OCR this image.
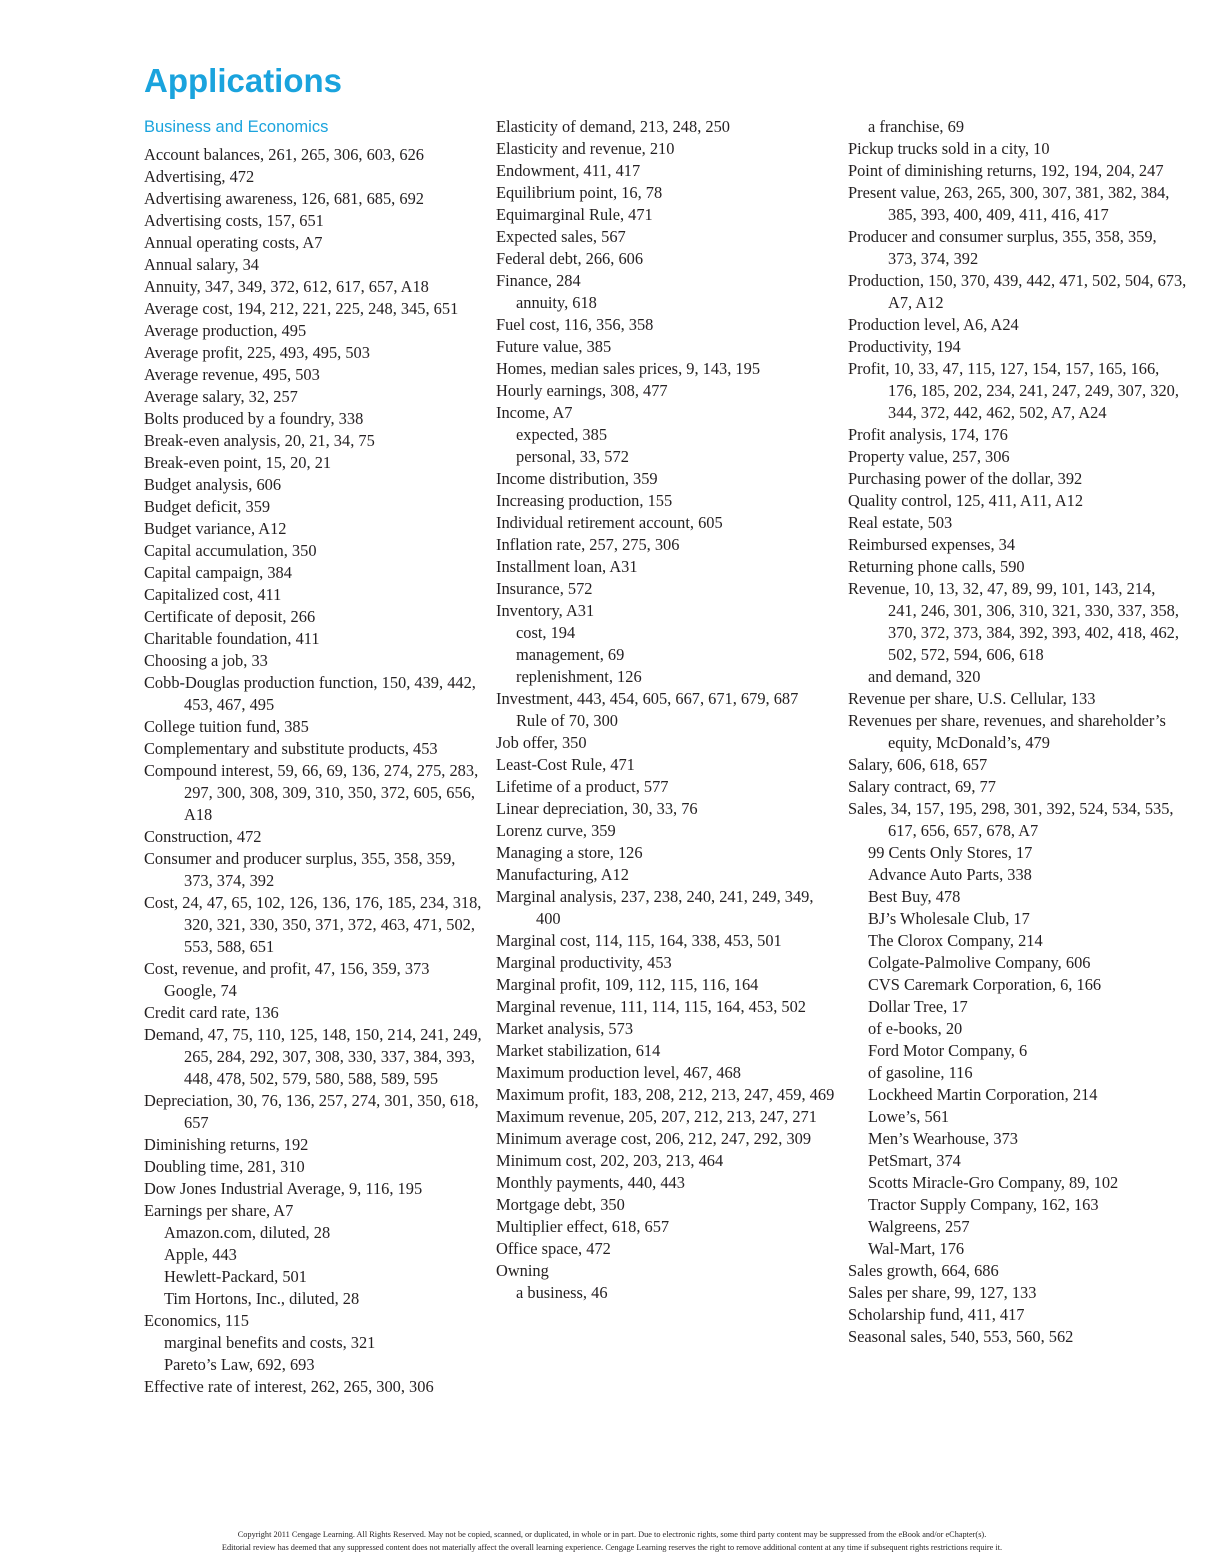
Applications
Business and Economics
Account balances, 261, 265, 306, 603, 626
Advertising, 472
Advertising awareness, 126, 681, 685, 692
Advertising costs, 157, 651
Annual operating costs, A7
Annual salary, 34
Annuity, 347, 349, 372, 612, 617, 657, A18
Average cost, 194, 212, 221, 225, 248, 345, 651
Average production, 495
Average profit, 225, 493, 495, 503
Average revenue, 495, 503
Average salary, 32, 257
Bolts produced by a foundry, 338
Break-even analysis, 20, 21, 34, 75
Break-even point, 15, 20, 21
Budget analysis, 606
Budget deficit, 359
Budget variance, A12
Capital accumulation, 350
Capital campaign, 384
Capitalized cost, 411
Certificate of deposit, 266
Charitable foundation, 411
Choosing a job, 33
Cobb-Douglas production function, 150, 439, 442, 453, 467, 495
College tuition fund, 385
Complementary and substitute products, 453
Compound interest, 59, 66, 69, 136, 274, 275, 283, 297, 300, 308, 309, 310, 350, 372, 605, 656, A18
Construction, 472
Consumer and producer surplus, 355, 358, 359, 373, 374, 392
Cost, 24, 47, 65, 102, 126, 136, 176, 185, 234, 318, 320, 321, 330, 350, 371, 372, 463, 471, 502, 553, 588, 651
Cost, revenue, and profit, 47, 156, 359, 373
Google, 74
Credit card rate, 136
Demand, 47, 75, 110, 125, 148, 150, 214, 241, 249, 265, 284, 292, 307, 308, 330, 337, 384, 393, 448, 478, 502, 579, 580, 588, 589, 595
Depreciation, 30, 76, 136, 257, 274, 301, 350, 618, 657
Diminishing returns, 192
Doubling time, 281, 310
Dow Jones Industrial Average, 9, 116, 195
Earnings per share, A7
Amazon.com, diluted, 28
Apple, 443
Hewlett-Packard, 501
Tim Hortons, Inc., diluted, 28
Economics, 115
marginal benefits and costs, 321
Pareto’s Law, 692, 693
Effective rate of interest, 262, 265, 300, 306
Elasticity of demand, 213, 248, 250
Elasticity and revenue, 210
Endowment, 411, 417
Equilibrium point, 16, 78
Equimarginal Rule, 471
Expected sales, 567
Federal debt, 266, 606
Finance, 284
annuity, 618
Fuel cost, 116, 356, 358
Future value, 385
Homes, median sales prices, 9, 143, 195
Hourly earnings, 308, 477
Income, A7
expected, 385
personal, 33, 572
Income distribution, 359
Increasing production, 155
Individual retirement account, 605
Inflation rate, 257, 275, 306
Installment loan, A31
Insurance, 572
Inventory, A31
cost, 194
management, 69
replenishment, 126
Investment, 443, 454, 605, 667, 671, 679, 687
Rule of 70, 300
Job offer, 350
Least-Cost Rule, 471
Lifetime of a product, 577
Linear depreciation, 30, 33, 76
Lorenz curve, 359
Managing a store, 126
Manufacturing, A12
Marginal analysis, 237, 238, 240, 241, 249, 349, 400
Marginal cost, 114, 115, 164, 338, 453, 501
Marginal productivity, 453
Marginal profit, 109, 112, 115, 116, 164
Marginal revenue, 111, 114, 115, 164, 453, 502
Market analysis, 573
Market stabilization, 614
Maximum production level, 467, 468
Maximum profit, 183, 208, 212, 213, 247, 459, 469
Maximum revenue, 205, 207, 212, 213, 247, 271
Minimum average cost, 206, 212, 247, 292, 309
Minimum cost, 202, 203, 213, 464
Monthly payments, 440, 443
Mortgage debt, 350
Multiplier effect, 618, 657
Office space, 472
Owning
a business, 46
a franchise, 69
Pickup trucks sold in a city, 10
Point of diminishing returns, 192, 194, 204, 247
Present value, 263, 265, 300, 307, 381, 382, 384, 385, 393, 400, 409, 411, 416, 417
Producer and consumer surplus, 355, 358, 359, 373, 374, 392
Production, 150, 370, 439, 442, 471, 502, 504, 673, A7, A12
Production level, A6, A24
Productivity, 194
Profit, 10, 33, 47, 115, 127, 154, 157, 165, 166, 176, 185, 202, 234, 241, 247, 249, 307, 320, 344, 372, 442, 462, 502, A7, A24
Profit analysis, 174, 176
Property value, 257, 306
Purchasing power of the dollar, 392
Quality control, 125, 411, A11, A12
Real estate, 503
Reimbursed expenses, 34
Returning phone calls, 590
Revenue, 10, 13, 32, 47, 89, 99, 101, 143, 214, 241, 246, 301, 306, 310, 321, 330, 337, 358, 370, 372, 373, 384, 392, 393, 402, 418, 462, 502, 572, 594, 606, 618
and demand, 320
Revenue per share, U.S. Cellular, 133
Revenues per share, revenues, and shareholder’s equity, McDonald’s, 479
Salary, 606, 618, 657
Salary contract, 69, 77
Sales, 34, 157, 195, 298, 301, 392, 524, 534, 535, 617, 656, 657, 678, A7
99 Cents Only Stores, 17
Advance Auto Parts, 338
Best Buy, 478
BJ’s Wholesale Club, 17
The Clorox Company, 214
Colgate-Palmolive Company, 606
CVS Caremark Corporation, 6, 166
Dollar Tree, 17
of e-books, 20
Ford Motor Company, 6
of gasoline, 116
Lockheed Martin Corporation, 214
Lowe’s, 561
Men’s Wearhouse, 373
PetSmart, 374
Scotts Miracle-Gro Company, 89, 102
Tractor Supply Company, 162, 163
Walgreens, 257
Wal-Mart, 176
Sales growth, 664, 686
Sales per share, 99, 127, 133
Scholarship fund, 411, 417
Seasonal sales, 540, 553, 560, 562
Copyright 2011 Cengage Learning. All Rights Reserved. May not be copied, scanned, or duplicated, in whole or in part. Due to electronic rights, some third party content may be suppressed from the eBook and/or eChapter(s).
Editorial review has deemed that any suppressed content does not materially affect the overall learning experience. Cengage Learning reserves the right to remove additional content at any time if subsequent rights restrictions require it.
